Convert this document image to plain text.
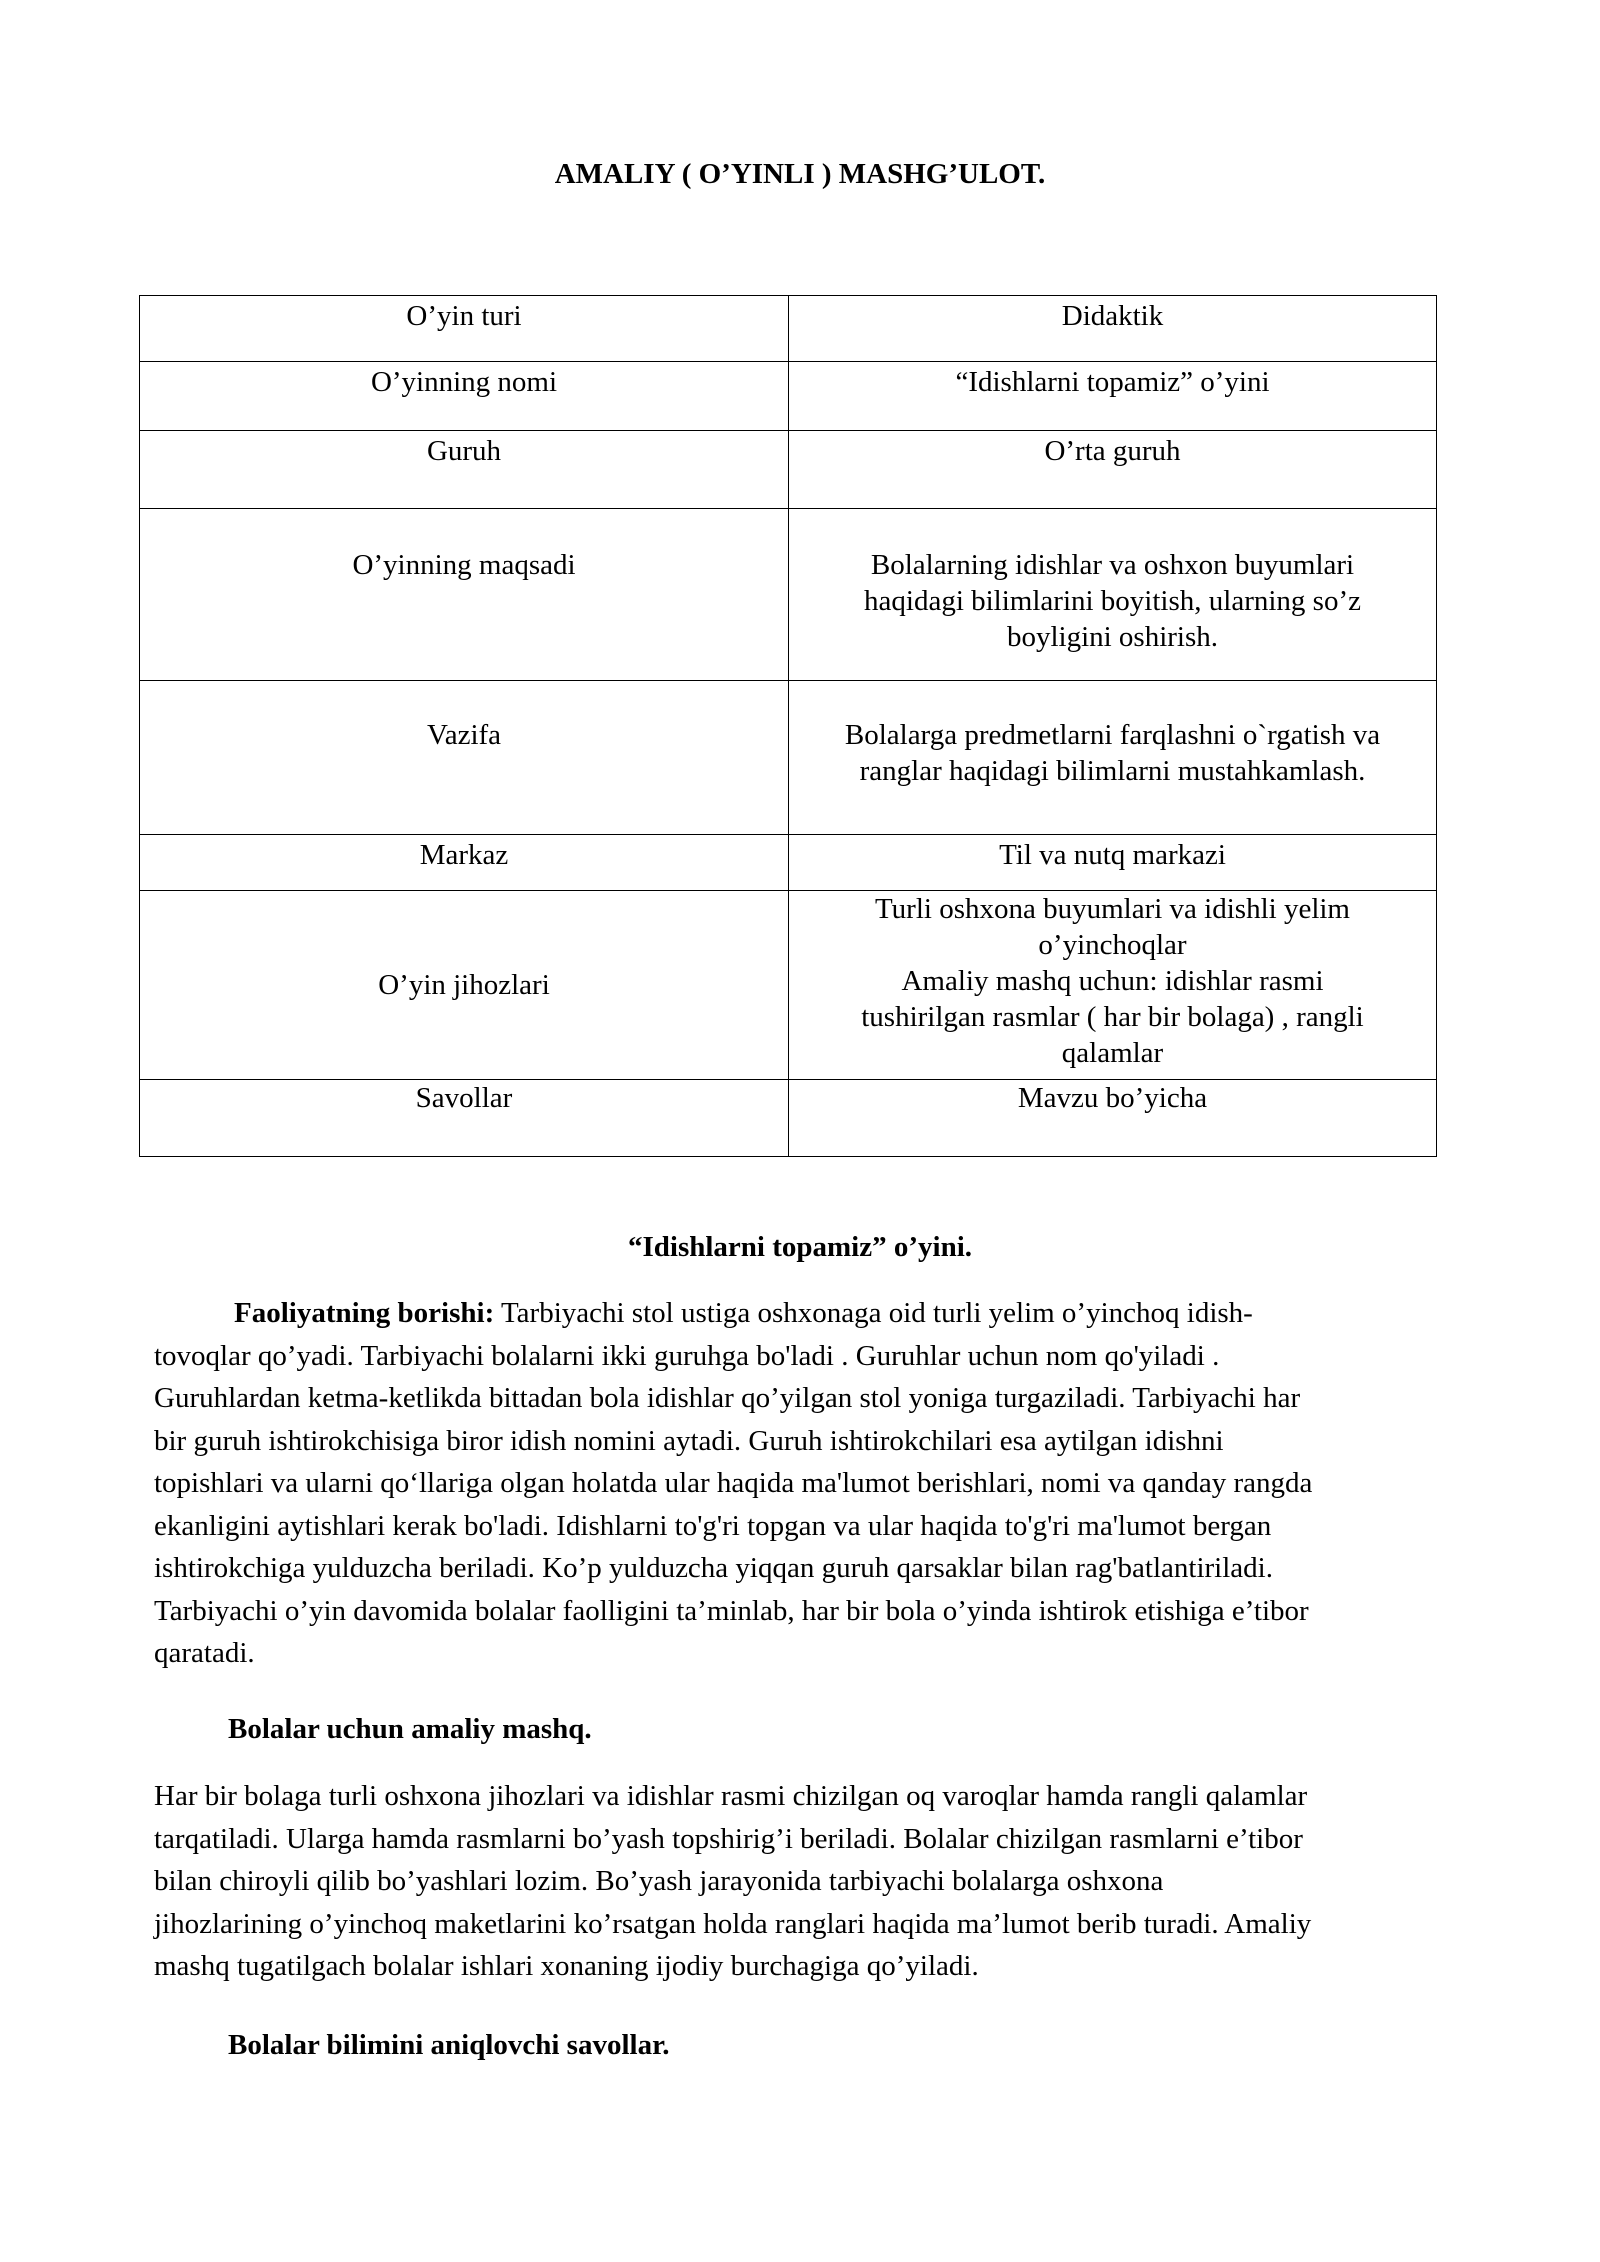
AMALIY ( O’YINLI ) MASHG’ULOT.
O’yin turi	Didaktik
O’yinning nomi	“Idishlarni topamiz” o’yini
Guruh	O’rta guruh
O’yinning maqsadi	Bolalarning idishlar va oshxon buyumlari
haqidagi bilimlarini boyitish, ularning so’z
boyligini oshirish.

Vazifa	Bolalarga predmetlarni farqlashni o`rgatish va
ranglar haqidagi bilimlarni mustahkamlash.

Markaz	Til va nutq markazi
O’yin jihozlari	Turli oshxona buyumlari va idishli yelim
o’yinchoqlar
Amaliy mashq uchun: idishlar rasmi
tushirilgan rasmlar ( har bir bolaga) , rangli
qalamlar

Savollar	Mavzu bo’yicha
“Idishlarni topamiz” o’yini.
Faoliyatning borishi: Tarbiyachi stol ustiga oshxonaga oid turli yelim o’yinchoq idish-
tovoqlar qo’yadi. Tarbiyachi bolalarni ikki guruhga bo'ladi . Guruhlar uchun nom qo'yiladi .
Guruhlardan ketma-ketlikda bittadan bola idishlar qo’yilgan stol yoniga turgaziladi. Tarbiyachi har
bir guruh ishtirokchisiga biror idish nomini aytadi. Guruh ishtirokchilari esa aytilgan idishni
topishlari va ularni qo‘llariga olgan holatda ular haqida ma'lumot berishlari, nomi va qanday rangda
ekanligini aytishlari kerak bo'ladi. Idishlarni to'g'ri topgan va ular haqida to'g'ri ma'lumot bergan
ishtirokchiga yulduzcha beriladi. Ko’p yulduzcha yiqqan guruh qarsaklar bilan rag'batlantiriladi.
Tarbiyachi o’yin davomida bolalar faolligini ta’minlab, har bir bola o’yinda ishtirok etishiga e’tibor
qaratadi.
Bolalar uchun amaliy mashq.
Har bir bolaga turli oshxona jihozlari va idishlar rasmi chizilgan oq varoqlar hamda rangli qalamlar
tarqatiladi. Ularga hamda rasmlarni bo’yash topshirig’i beriladi. Bolalar chizilgan rasmlarni e’tibor
bilan chiroyli qilib bo’yashlari lozim. Bo’yash jarayonida tarbiyachi bolalarga oshxona
jihozlarining o’yinchoq maketlarini ko’rsatgan holda ranglari haqida ma’lumot berib turadi. Amaliy
mashq tugatilgach bolalar ishlari xonaning ijodiy burchagiga qo’yiladi.
Bolalar bilimini aniqlovchi savollar.
